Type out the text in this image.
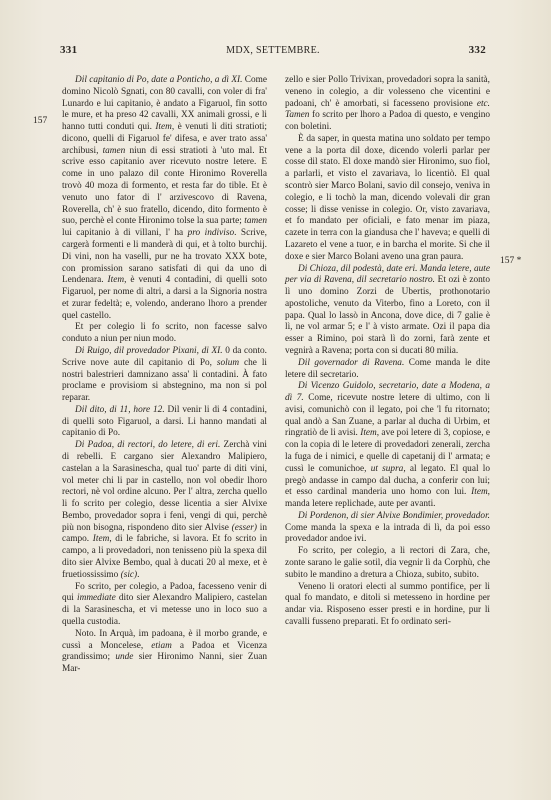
331	MDX, SETTEMBRE.	332
157
157 *

Dil capitanio di Po, date a Ponticho, a dì XI. Come domino Nicolò Sgnati, con 80 cavalli, con voler di fra' Lunardo e lui capitanio, è andato a Figaruol, fin sotto le mure, et ha preso 42 cavalli, XX animali grossi, e li hanno tutti conduti qui. Item, è venuti li diti stratioti; dicono, quelli di Figaruol fe' difesa, e aver trato assa' archibusi, tamen niun di essi stratioti à 'uto mal. Et scrive esso capitanio aver ricevuto nostre letere. E come in uno palazo dil conte Hironimo Roverella trovò 40 moza di formento, et resta far do tible. Et è venuto uno fator di l' arzivescovo di Ravena, Roverella, ch' è suo fratello, dicendo, dito formento è suo, perchè el conte Hironimo tolse la sua parte; tamen lui capitanio à di villani, l' ha pro indiviso. Scrive, cargerà formenti e li manderà di qui, et à tolto burchij. Di vini, non ha vaselli, pur ne ha trovato XXX bote, con promission sarano satisfati di qui da uno di Lendenara. Item, è venuti 4 contadini, di quelli soto Figaruol, per nome di altri, a darsi a la Signoria nostra et zurar fedeltà; e, volendo, anderano lhoro a prender quel castello.

Et per colegio li fo scrito, non facesse salvo conduto a niun per niun modo.

Di Ruigo, dil provedador Pixani, di XI. 0 da conto. Scrive nove aute dil capitanio di Po, solum che li nostri balestrieri damnizano assa' li contadini. À fato proclame e provisiom si abstegnino, ma non si pol reparar.

Dil dito, di 11, hore 12. Dil venir li di 4 contadini, di quelli soto Figaruol, a darsi. Li hanno mandati al capitanio di Po.

Di Padoa, di rectori, do letere, di eri. Zerchà vini di rebelli. E cargano sier Alexandro Malipiero, castelan a la Sarasinescha, qual tuo' parte di diti vini, vol meter chi li par in castello, non vol obedir lhoro rectori, nè vol ordine alcuno. Per l' altra, zercha quello li fo scrito per colegio, desse licentia a sier Alvixe Bembo, provedador sopra i feni, vengi di qui, perchè più non bisogna, rispondeno dito sier Alvise (esser) in campo. Item, di le fabriche, si lavora. Et fo scrito in campo, a li provedadori, non tenisseno più la spexa dil dito sier Alvixe Bembo, qual à ducati 20 al mexe, et è fruetiossissimo (sic).

Fo scrito, per colegio, a Padoa, facesseno venir di qui immediate dito sier Alexandro Malipiero, castelan di la Sarasinescha, et vi metesse uno in loco suo a quella custodia.

Noto. In Arquà, im padoana, è il morbo grande, e cussì a Moncelese, etiam a Padoa et Vicenza grandissimo; unde sier Hironimo Nanni, sier Zuan Mar-

zello e sier Pollo Trivixan, provedadori sopra la sanità, veneno in colegio, a dir volesseno che vicentini e padoani, ch' è amorbati, si facesseno provisione etc. Tamen fo scrito per lhoro a Padoa di questo, e vengino con boletini.

È da saper, in questa matina uno soldato per tempo vene a la porta dil doxe, dicendo volerli parlar per cosse dil stato. El doxe mandò sier Hironimo, suo fiol, a parlarli, et visto el zavariava, lo licentiò. El qual scontrò sier Marco Bolani, savio dil consejo, veniva in colegio, e li tochò la man, dicendo volevali dir gran cosse; li disse venisse in colegio. Or, visto zavariava, et fo mandato per oficiali, e fato menar im piaza, cazete in terra con la giandusa che l' haveva; e quelli di Lazareto el vene a tuor, e in barcha el morite. Si che il doxe e sier Marco Bolani aveno una gran paura.

Di Chioza, dil podestà, date eri. Manda letere, aute per via di Ravena, dil secretario nostro. Et ozi è zonto lì uno domino Zorzi de Ubertis, prothonotario apostoliche, venuto da Viterbo, fino a Loreto, con il papa. Qual lo lassò in Ancona, dove dice, di 7 galie è lì, ne vol armar 5; e l' à visto armate. Ozi il papa dia esser a Rimino, poi starà lì do zorni, farà zente et vegnirà a Ravena; porta con si ducati 80 milia.

Dil governador di Ravena. Come manda le dite letere dil secretario.

Di Vicenzo Guidolo, secretario, date a Modena, a dì 7. Come, ricevute nostre letere di ultimo, con li avisi, comunichò con il legato, poi che 'l fu ritornato; qual andò a San Zuane, a parlar al ducha di Urbim, et ringratiò de li avisi. Item, ave poi letere di 3, copiose, e con la copia di le letere di provedadori zenerali, zercha la fuga de i nimici, e quelle di capetanij di l' armata; e cussì le comunichoe, ut supra, al legato. El qual lo pregò andasse in campo dal ducha, a conferir con lui; et esso cardinal manderia uno homo con lui. Item, manda letere replichade, aute per avanti.

Di Pordenon, di sier Alvixe Bondimier, provedador. Come manda la spexa e la intrada di lì, da poi esso provedador andoe ivi.

Fo scrito, per colegio, a li rectori di Zara, che, zonte sarano le galie sotil, dia vegnir lì da Corphù, che subito le mandino a dretura a Chioza, subito, subito.

Veneno li oratori electi al summo pontifice, per li qual fo mandato, e ditoli si metesseno in hordine per andar via. Risposeno esser presti e in hordine, pur li cavalli fusseno preparati. Et fo ordinato seri-
